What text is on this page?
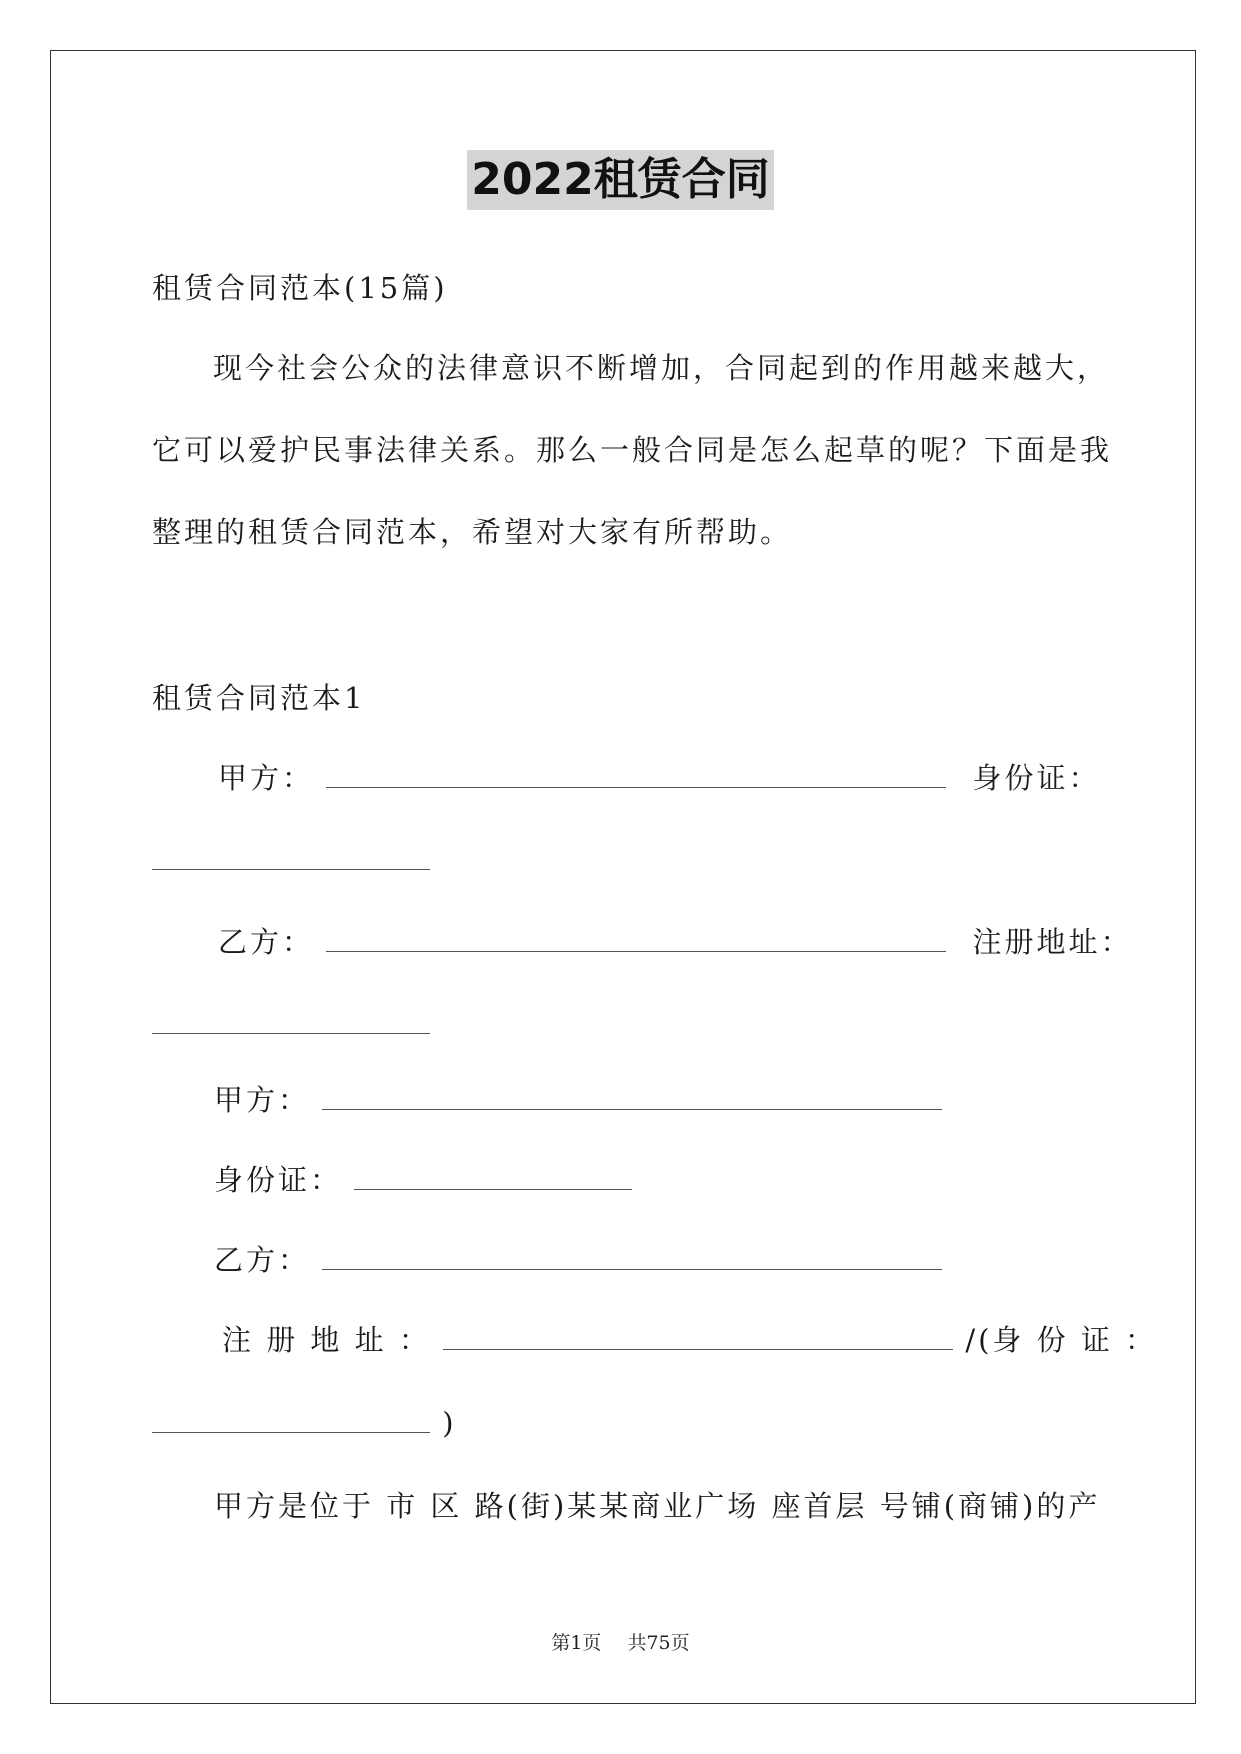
2022租赁合同
租赁合同范本(15篇)
现今社会公众的法律意识不断增加，合同起到的作用越来越大，
它可以爱护民事法律关系。那么一般合同是怎么起草的呢？下面是我
整理的租赁合同范本，希望对大家有所帮助。
租赁合同范本1
甲方：	身份证：
乙方：	注册地址：
甲方：
身份证：
乙方：
注 册 地 址 ：	/(身 份 证 ：
)
甲方是位于 市 区 路(街)某某商业广场 座首层 号铺(商铺)的产
第1页 共75页
